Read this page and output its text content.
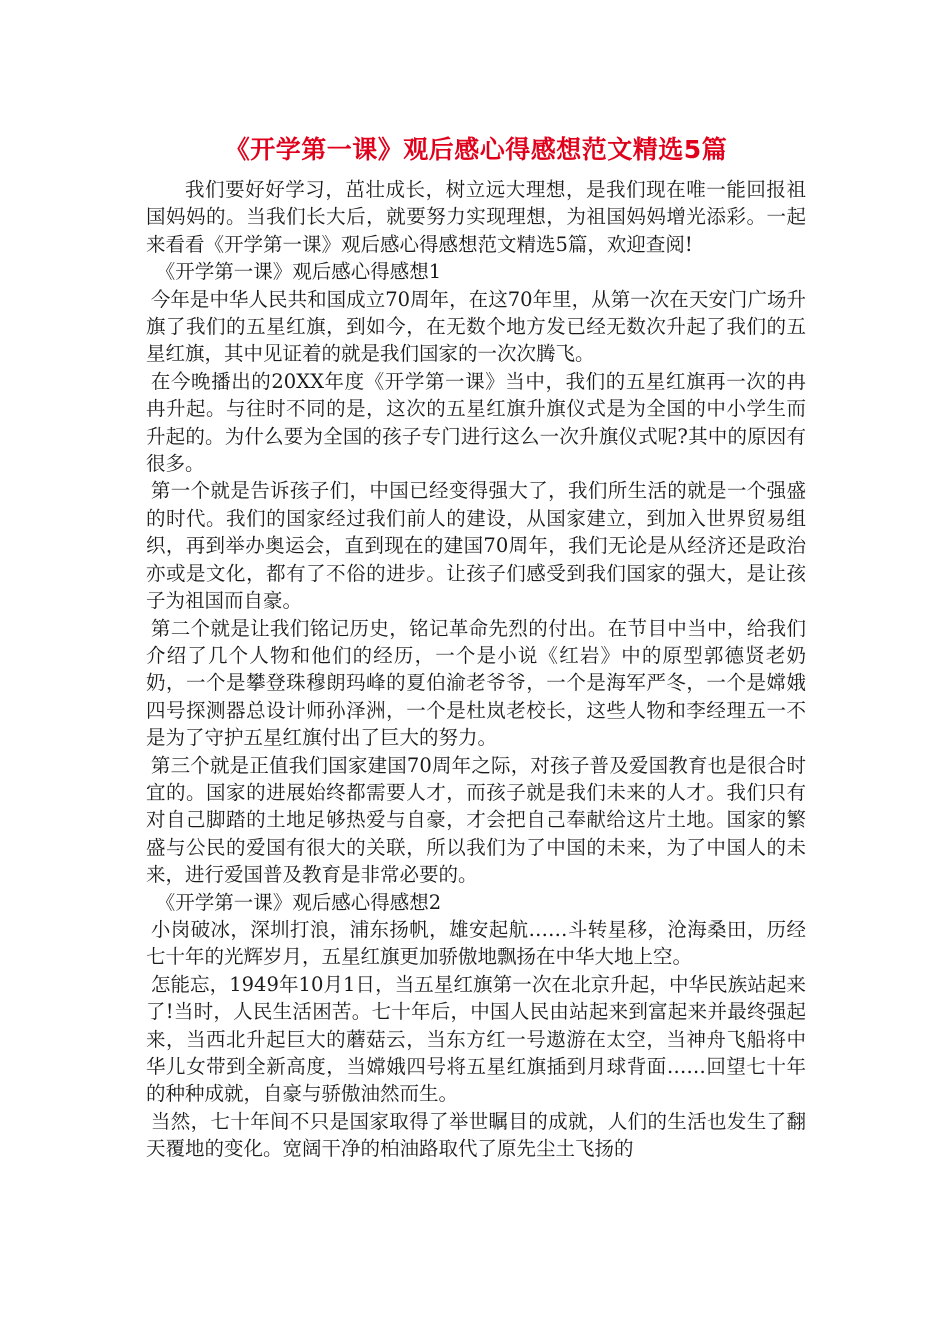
《开学第一课》观后感心得感想范文精选5篇

我们要好好学习，茁壮成长，树立远大理想，是我们现在唯一能回报祖国妈妈的。当我们长大后，就要努力实现理想，为祖国妈妈增光添彩。一起来看看《开学第一课》观后感心得感想范文精选5篇，欢迎查阅!

《开学第一课》观后感心得感想1

今年是中华人民共和国成立70周年，在这70年里，从第一次在天安门广场升旗了我们的五星红旗，到如今，在无数个地方发已经无数次升起了我们的五星红旗，其中见证着的就是我们国家的一次次腾飞。

在今晚播出的20XX年度《开学第一课》当中，我们的五星红旗再一次的冉冉升起。与往时不同的是，这次的五星红旗升旗仪式是为全国的中小学生而升起的。为什么要为全国的孩子专门进行这么一次升旗仪式呢?其中的原因有很多。

第一个就是告诉孩子们，中国已经变得强大了，我们所生活的就是一个强盛的时代。我们的国家经过我们前人的建设，从国家建立，到加入世界贸易组织，再到举办奥运会，直到现在的建国70周年，我们无论是从经济还是政治亦或是文化，都有了不俗的进步。让孩子们感受到我们国家的强大，是让孩子为祖国而自豪。

第二个就是让我们铭记历史，铭记革命先烈的付出。在节目中当中，给我们介绍了几个人物和他们的经历，一个是小说《红岩》中的原型郭德贤老奶奶，一个是攀登珠穆朗玛峰的夏伯渝老爷爷，一个是海军严冬，一个是嫦娥四号探测器总设计师孙泽洲，一个是杜岚老校长，这些人物和李经理五一不是为了守护五星红旗付出了巨大的努力。

第三个就是正值我们国家建国70周年之际，对孩子普及爱国教育也是很合时宜的。国家的进展始终都需要人才，而孩子就是我们未来的人才。我们只有对自己脚踏的土地足够热爱与自豪，才会把自己奉献给这片土地。国家的繁盛与公民的爱国有很大的关联，所以我们为了中国的未来，为了中国人的未来，进行爱国普及教育是非常必要的。

《开学第一课》观后感心得感想2

小岗破冰，深圳打浪，浦东扬帆，雄安起航……斗转星移，沧海桑田，历经七十年的光辉岁月，五星红旗更加骄傲地飘扬在中华大地上空。

怎能忘，1949年10月1日，当五星红旗第一次在北京升起，中华民族站起来了!当时，人民生活困苦。七十年后，中国人民由站起来到富起来并最终强起来，当西北升起巨大的蘑菇云，当东方红一号遨游在太空，当神舟飞船将中华儿女带到全新高度，当嫦娥四号将五星红旗插到月球背面……回望七十年的种种成就，自豪与骄傲油然而生。

当然，七十年间不只是国家取得了举世瞩目的成就，人们的生活也发生了翻天覆地的变化。宽阔干净的柏油路取代了原先尘土飞扬的
